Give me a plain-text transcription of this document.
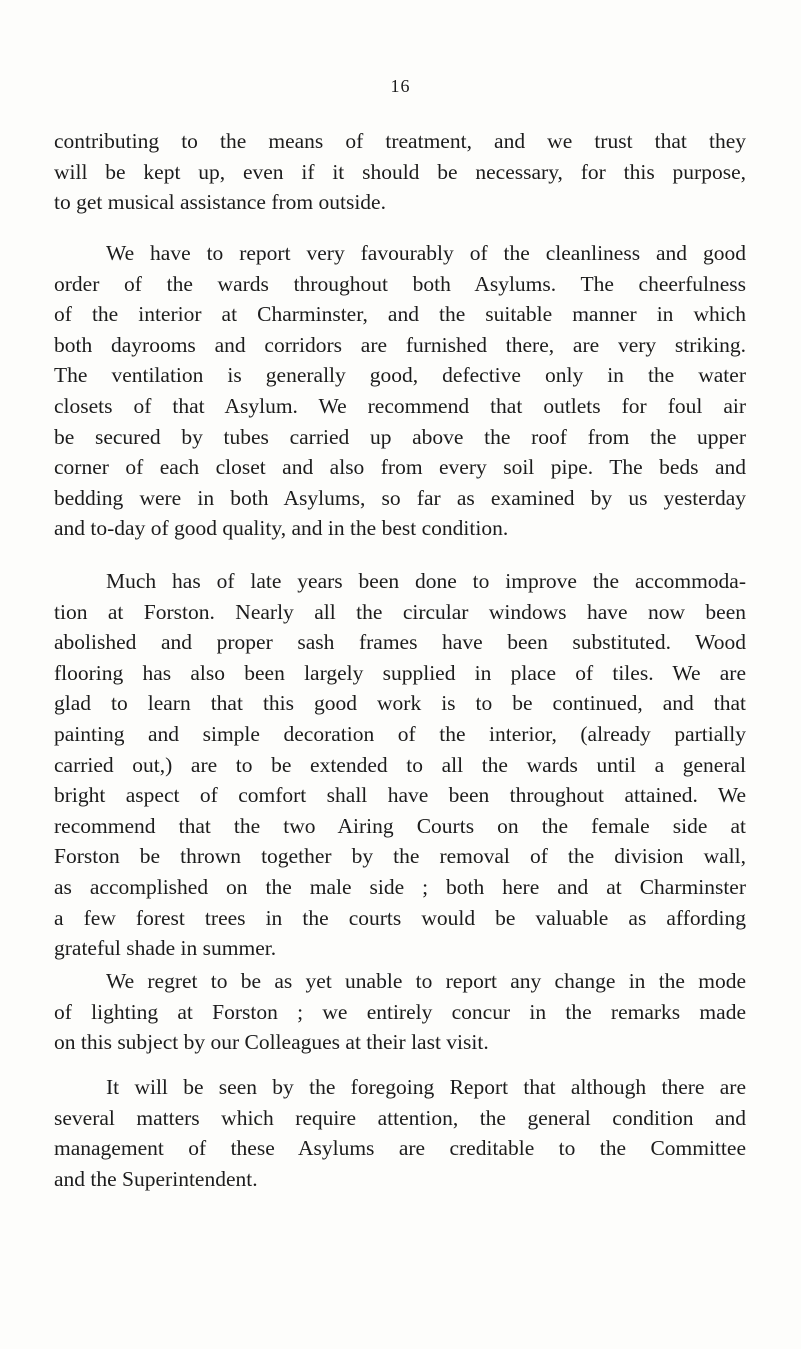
16
contributing to the means of treatment, and we trust that they
will be kept up, even if it should be necessary, for this purpose,
to get musical assistance from outside.
We have to report very favourably of the cleanliness and good
order of the wards throughout both Asylums. The cheerfulness
of the interior at Charminster, and the suitable manner in which
both dayrooms and corridors are furnished there, are very striking.
The ventilation is generally good, defective only in the water
closets of that Asylum. We recommend that outlets for foul air
be secured by tubes carried up above the roof from the upper
corner of each closet and also from every soil pipe. The beds and
bedding were in both Asylums, so far as examined by us yesterday
and to-day of good quality, and in the best condition.
Much has of late years been done to improve the accommoda-
tion at Forston. Nearly all the circular windows have now been
abolished and proper sash frames have been substituted. Wood
flooring has also been largely supplied in place of tiles. We are
glad to learn that this good work is to be continued, and that
painting and simple decoration of the interior, (already partially
carried out,) are to be extended to all the wards until a general
bright aspect of comfort shall have been throughout attained. We
recommend that the two Airing Courts on the female side at
Forston be thrown together by the removal of the division wall,
as accomplished on the male side ; both here and at Charminster
a few forest trees in the courts would be valuable as affording
grateful shade in summer.
We regret to be as yet unable to report any change in the mode
of lighting at Forston ; we entirely concur in the remarks made
on this subject by our Colleagues at their last visit.
It will be seen by the foregoing Report that although there are
several matters which require attention, the general condition and
management of these Asylums are creditable to the Committee
and the Superintendent.
